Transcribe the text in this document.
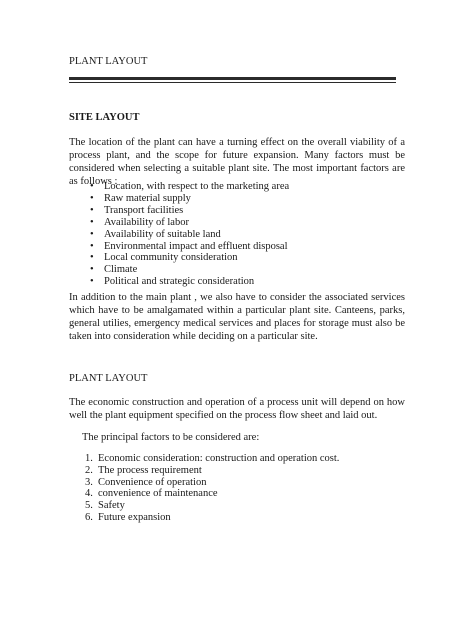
PLANT LAYOUT
SITE LAYOUT
The location of the plant can have a turning effect on the overall viability of a process plant, and the scope for future expansion. Many factors must be considered when selecting a suitable plant site. The most important factors are as follows :
• Location, with respect to the marketing area
• Raw material supply
• Transport facilities
• Availability of labor
• Availability of suitable land
• Environmental impact and effluent disposal
• Local community consideration
• Climate
• Political and strategic consideration
In addition to the main plant , we also have to consider the associated services which have to be amalgamated within a particular plant site. Canteens, parks, general utilies, emergency medical services and places for storage must also be taken into consideration while deciding on a particular site.
PLANT LAYOUT
The economic construction and operation of a process unit will depend on how well the plant equipment specified on the process flow sheet and laid out.
The principal factors to be considered are:
1. Economic consideration: construction and operation cost.
2. The process requirement
3. Convenience of operation
4. convenience of maintenance
5. Safety
6. Future expansion
